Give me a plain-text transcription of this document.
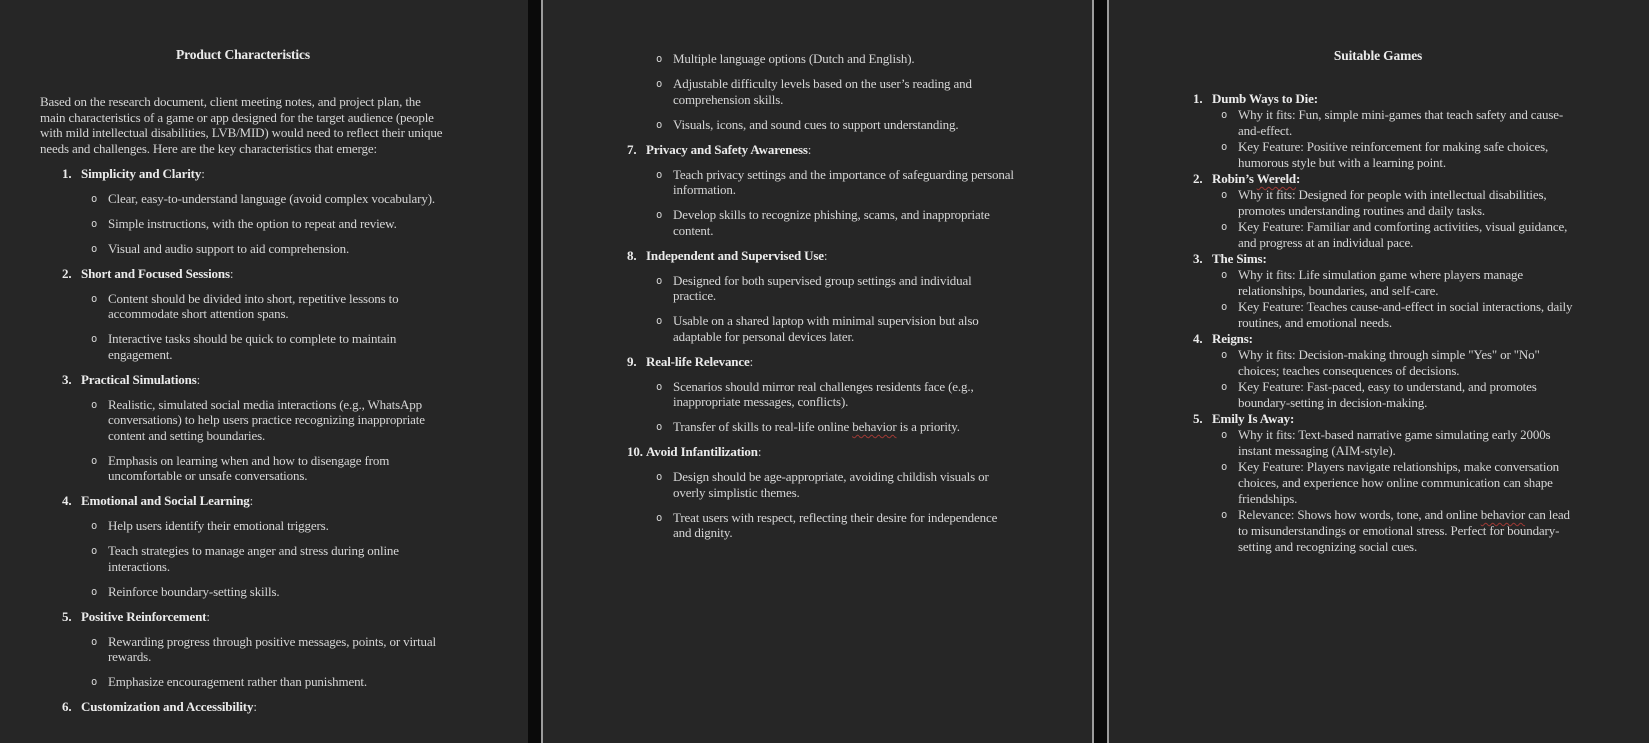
Product Characteristics
Based on the research document, client meeting notes, and project plan, the
main characteristics of a game or app designed for the target audience (people
with mild intellectual disabilities, LVB/MID) would need to reflect their unique
needs and challenges. Here are the key characteristics that emerge:
1. Simplicity and Clarity:
o Clear, easy-to-understand language (avoid complex vocabulary).
o Simple instructions, with the option to repeat and review.
o Visual and audio support to aid comprehension.
2. Short and Focused Sessions:
o Content should be divided into short, repetitive lessons to
accommodate short attention spans.
o Interactive tasks should be quick to complete to maintain
engagement.
3. Practical Simulations:
o Realistic, simulated social media interactions (e.g., WhatsApp
conversations) to help users practice recognizing inappropriate
content and setting boundaries.
o Emphasis on learning when and how to disengage from
uncomfortable or unsafe conversations.
4. Emotional and Social Learning:
o Help users identify their emotional triggers.
o Teach strategies to manage anger and stress during online
interactions.
o Reinforce boundary-setting skills.
5. Positive Reinforcement:
o Rewarding progress through positive messages, points, or virtual
rewards.
o Emphasize encouragement rather than punishment.
6. Customization and Accessibility:
o Multiple language options (Dutch and English).
o Adjustable difficulty levels based on the user’s reading and
comprehension skills.
o Visuals, icons, and sound cues to support understanding.
7. Privacy and Safety Awareness:
o Teach privacy settings and the importance of safeguarding personal
information.
o Develop skills to recognize phishing, scams, and inappropriate
content.
8. Independent and Supervised Use:
o Designed for both supervised group settings and individual
practice.
o Usable on a shared laptop with minimal supervision but also
adaptable for personal devices later.
9. Real-life Relevance:
o Scenarios should mirror real challenges residents face (e.g.,
inappropriate messages, conflicts).
o Transfer of skills to real-life online behavior is a priority.
10. Avoid Infantilization:
o Design should be age-appropriate, avoiding childish visuals or
overly simplistic themes.
o Treat users with respect, reflecting their desire for independence
and dignity.
Suitable Games
1. Dumb Ways to Die:
o Why it fits: Fun, simple mini-games that teach safety and cause-
and-effect.
o Key Feature: Positive reinforcement for making safe choices,
humorous style but with a learning point.
2. Robin’s Wereld:
o Why it fits: Designed for people with intellectual disabilities,
promotes understanding routines and daily tasks.
o Key Feature: Familiar and comforting activities, visual guidance,
and progress at an individual pace.
3. The Sims:
o Why it fits: Life simulation game where players manage
relationships, boundaries, and self-care.
o Key Feature: Teaches cause-and-effect in social interactions, daily
routines, and emotional needs.
4. Reigns:
o Why it fits: Decision-making through simple "Yes" or "No"
choices; teaches consequences of decisions.
o Key Feature: Fast-paced, easy to understand, and promotes
boundary-setting in decision-making.
5. Emily Is Away:
o Why it fits: Text-based narrative game simulating early 2000s
instant messaging (AIM-style).
o Key Feature: Players navigate relationships, make conversation
choices, and experience how online communication can shape
friendships.
o Relevance: Shows how words, tone, and online behavior can lead
to misunderstandings or emotional stress. Perfect for boundary-
setting and recognizing social cues.
